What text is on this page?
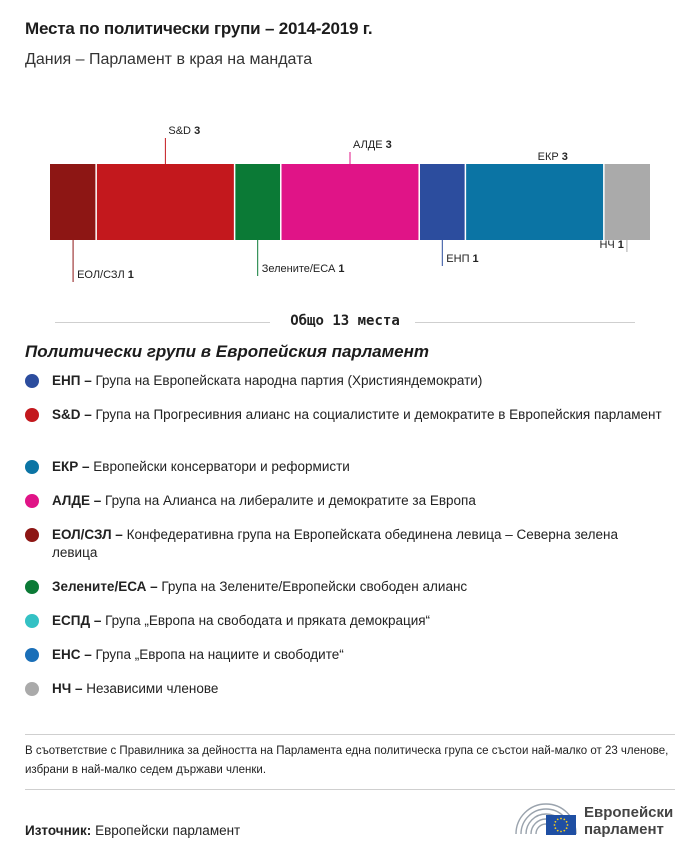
Места по политически групи – 2014-2019 г.
Дания – Парламент в края на мандата
ЕОЛ/СЗЛ 1
S&D 3
Зелените/ЕСА 1
АЛДЕ 3
ЕНП 1
ЕКР 3
НЧ 1
Общо 13 места
Политически групи в Европейския парламент
ЕНП – Група на Европейската народна партия (Християндемократи)
S&D – Група на Прогресивния алианс на социалистите и демократите в Европейския парламент
ЕКР – Европейски консерватори и реформисти
АЛДЕ – Група на Алианса на либералите и демократите за Европа
ЕОЛ/СЗЛ – Конфедеративна група на Европейската обединена левица – Северна зелена левица
Зелените/ЕСА – Група на Зелените/Европейски свободен алианс
ЕСПД – Група „Европа на свободата и пряката демокрация“
ЕНС – Група „Европа на нациите и свободите“
НЧ – Независими членове
В съответствие с Правилника за дейността на Парламента една политическа група се състои най-малко от 23 членове, избрани в най-малко седем държави членки.
Източник: Европейски парламент
Европейски
парламент
